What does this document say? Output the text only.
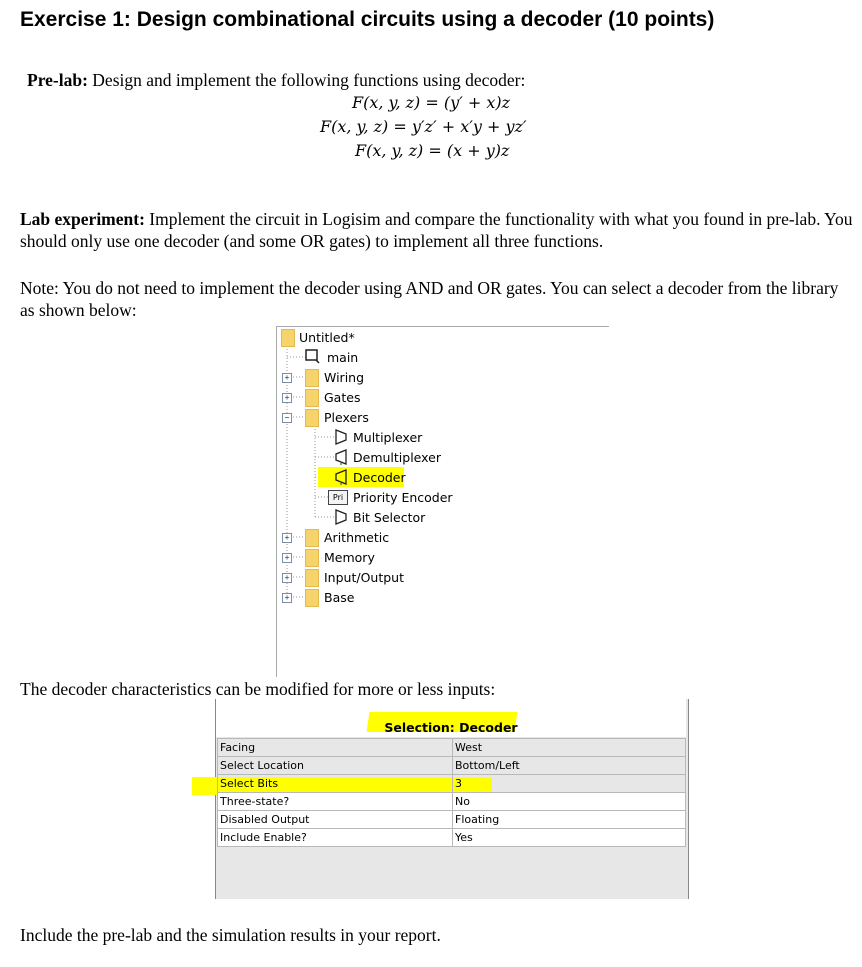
Exercise 1: Design combinational circuits using a decoder (10 points)
Pre-lab: Design and implement the following functions using decoder:
F(x, y, z) = (y′ + x)z
F(x, y, z) = y′z′ + x′y + yz′
F(x, y, z) = (x + y)z
Lab experiment: Implement the circuit in Logisim and compare the functionality with what you found in pre-lab. You should only use one decoder (and some OR gates) to implement all three functions.
Note: You do not need to implement the decoder using AND and OR gates. You can select a decoder from the library as shown below:
Untitled*
main
+	Wiring
+	Gates
−	Plexers
Multiplexer
Demultiplexer
Decoder
Pri Priority Encoder
Bit Selector
+	Arithmetic
+	Memory
+	Input/Output
+	Base
The decoder characteristics can be modified for more or less inputs:
Selection: Decoder
Facing	West
Select Location	Bottom/Left
Select Bits	3
Three-state?	No
Disabled Output	Floating
Include Enable?	Yes
Include the pre-lab and the simulation results in your report.
